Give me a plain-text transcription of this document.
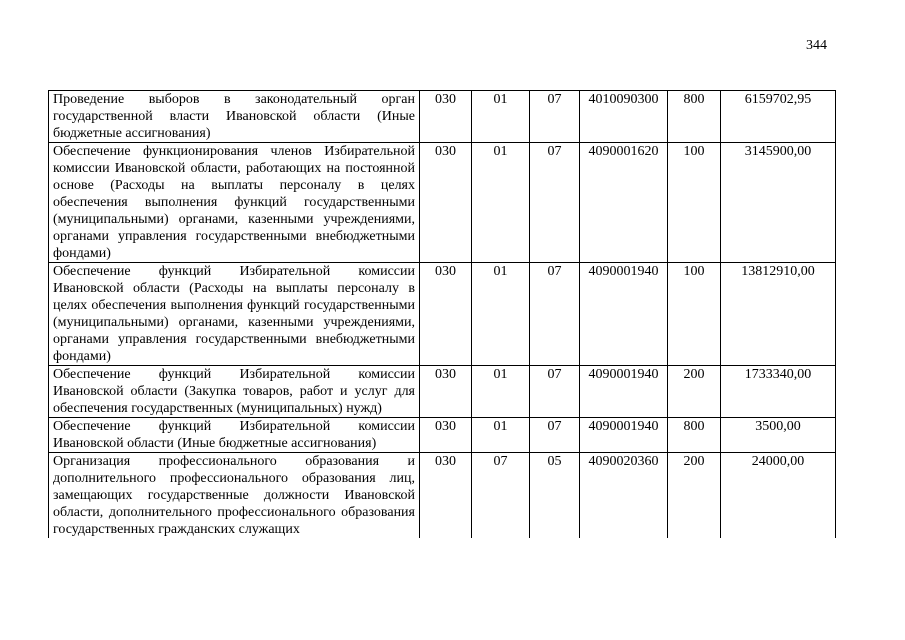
344
Проведение выборов в законодательный орган государственной власти Ивановской области (Иные бюджетные ассигнования)	030	01	07	4010090300	800	6159702,95
Обеспечение функционирования членов Избирательной комиссии Ивановской области, работающих на постоянной основе (Расходы на выплаты персоналу в целях обеспечения выполнения функций государственными (муниципальными) органами, казенными учреждениями, органами управления государственными внебюджетными фондами)	030	01	07	4090001620	100	3145900,00
Обеспечение функций Избирательной комиссии Ивановской области (Расходы на выплаты персоналу в целях обеспечения выполнения функций государственными (муниципальными) органами, казенными учреждениями, органами управления государственными внебюджетными фондами)	030	01	07	4090001940	100	13812910,00
Обеспечение функций Избирательной комиссии Ивановской области (Закупка товаров, работ и услуг для обеспечения государственных (муниципальных) нужд)	030	01	07	4090001940	200	1733340,00
Обеспечение функций Избирательной комиссии Ивановской области (Иные бюджетные ассигнования)	030	01	07	4090001940	800	3500,00

Организация профессионального образования и дополнительного профессионального образования лиц, замещающих государственные должности Ивановской области, дополнительного профессионального образования государственных гражданских служащих	030	07	05	4090020360	200	24000,00
